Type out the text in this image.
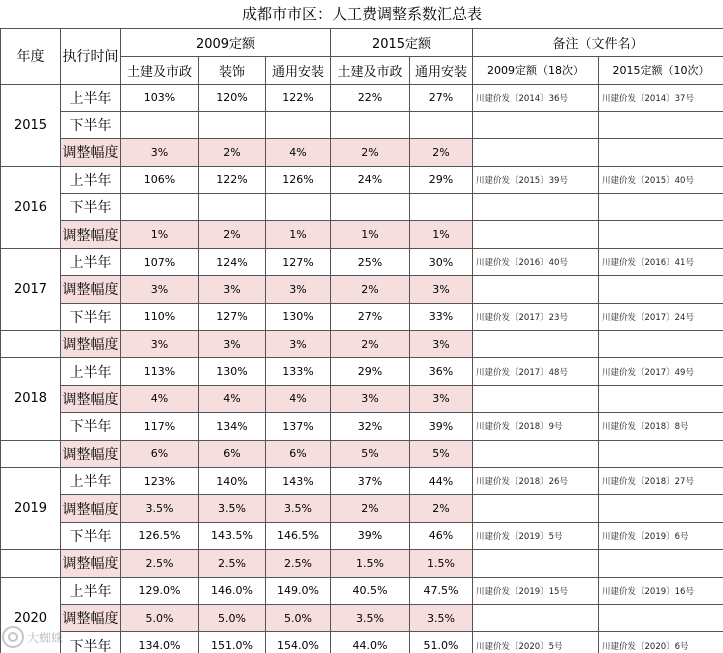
成都市市区：人工费调整系数汇总表								
年度	执行时间	2009定额			2015定额		备注（文件名）	
		土建及市政	装饰	通用安装	土建及市政	通用安装	2009定额（18次）	2015定额（10次）
2015	上半年	103%	120%	122%	22%	27%	川建价发〔2014〕36号	川建价发〔2014〕37号
	下半年							
	调整幅度	3%	2%	4%	2%	2%		
2016	上半年	106%	122%	126%	24%	29%	川建价发〔2015〕39号	川建价发〔2015〕40号
	下半年							
	调整幅度	1%	2%	1%	1%	1%		
2017	上半年	107%	124%	127%	25%	30%	川建价发〔2016〕40号	川建价发〔2016〕41号
	调整幅度	3%	3%	3%	2%	3%		
	下半年	110%	127%	130%	27%	33%	川建价发〔2017〕23号	川建价发〔2017〕24号
	调整幅度	3%	3%	3%	2%	3%		
2018	上半年	113%	130%	133%	29%	36%	川建价发〔2017〕48号	川建价发〔2017〕49号
	调整幅度	4%	4%	4%	3%	3%		
	下半年	117%	134%	137%	32%	39%	川建价发〔2018〕9号	川建价发〔2018〕8号
	调整幅度	6%	6%	6%	5%	5%		
2019	上半年	123%	140%	143%	37%	44%	川建价发〔2018〕26号	川建价发〔2018〕27号
	调整幅度	3.5%	3.5%	3.5%	2%	2%		
	下半年	126.5%	143.5%	146.5%	39%	46%	川建价发〔2019〕5号	川建价发〔2019〕6号
	调整幅度	2.5%	2.5%	2.5%	1.5%	1.5%		
2020	上半年	129.0%	146.0%	149.0%	40.5%	47.5%	川建价发〔2019〕15号	川建价发〔2019〕16号
	调整幅度	5.0%	5.0%	5.0%	3.5%	3.5%		
	下半年	134.0%	151.0%	154.0%	44.0%	51.0%	川建价发〔2020〕5号	川建价发〔2020〕6号
大蜘蛛
